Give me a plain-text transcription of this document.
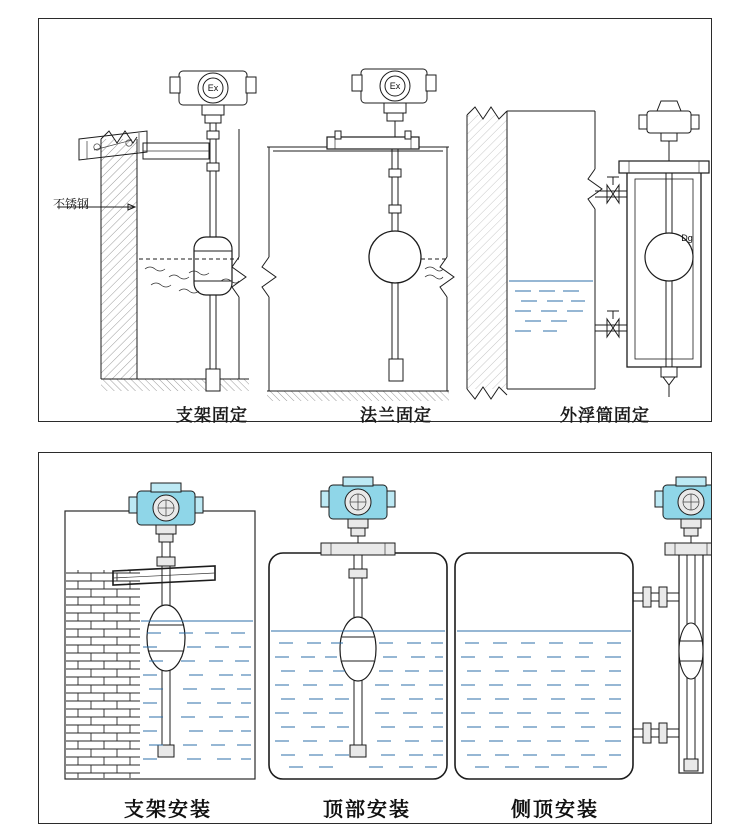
Ex	Ex
Dg
不锈钢
支架固定	法兰固定	外浮筒固定
支架安装	顶部安装	侧顶安装
